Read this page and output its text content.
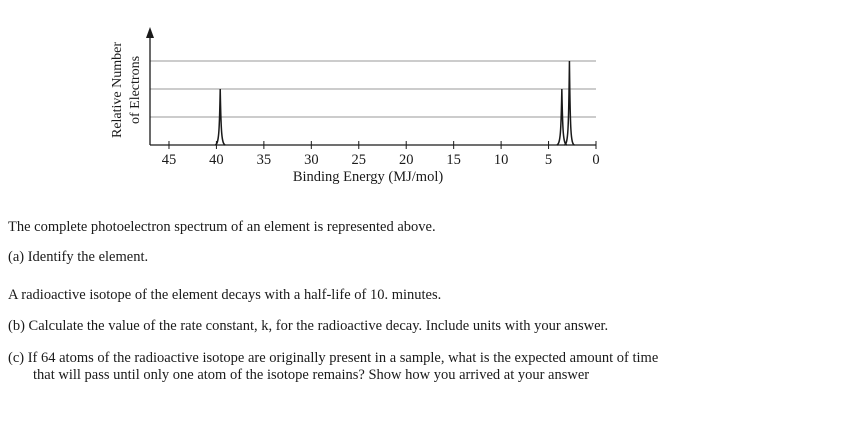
45 40 35 30 25 20 15 10	5	0
Binding Energy (MJ/mol)
Relative Number of Electrons

The complete photoelectron spectrum of an element is represented above.

(a) Identify the element.

A radioactive isotope of the element decays with a half-life of 10. minutes.

(b) Calculate the value of the rate constant, k, for the radioactive decay. Include units with your answer.

(c) If 64 atoms of the radioactive isotope are originally present in a sample, what is the expected amount of time

that will pass until only one atom of the isotope remains? Show how you arrived at your answer
